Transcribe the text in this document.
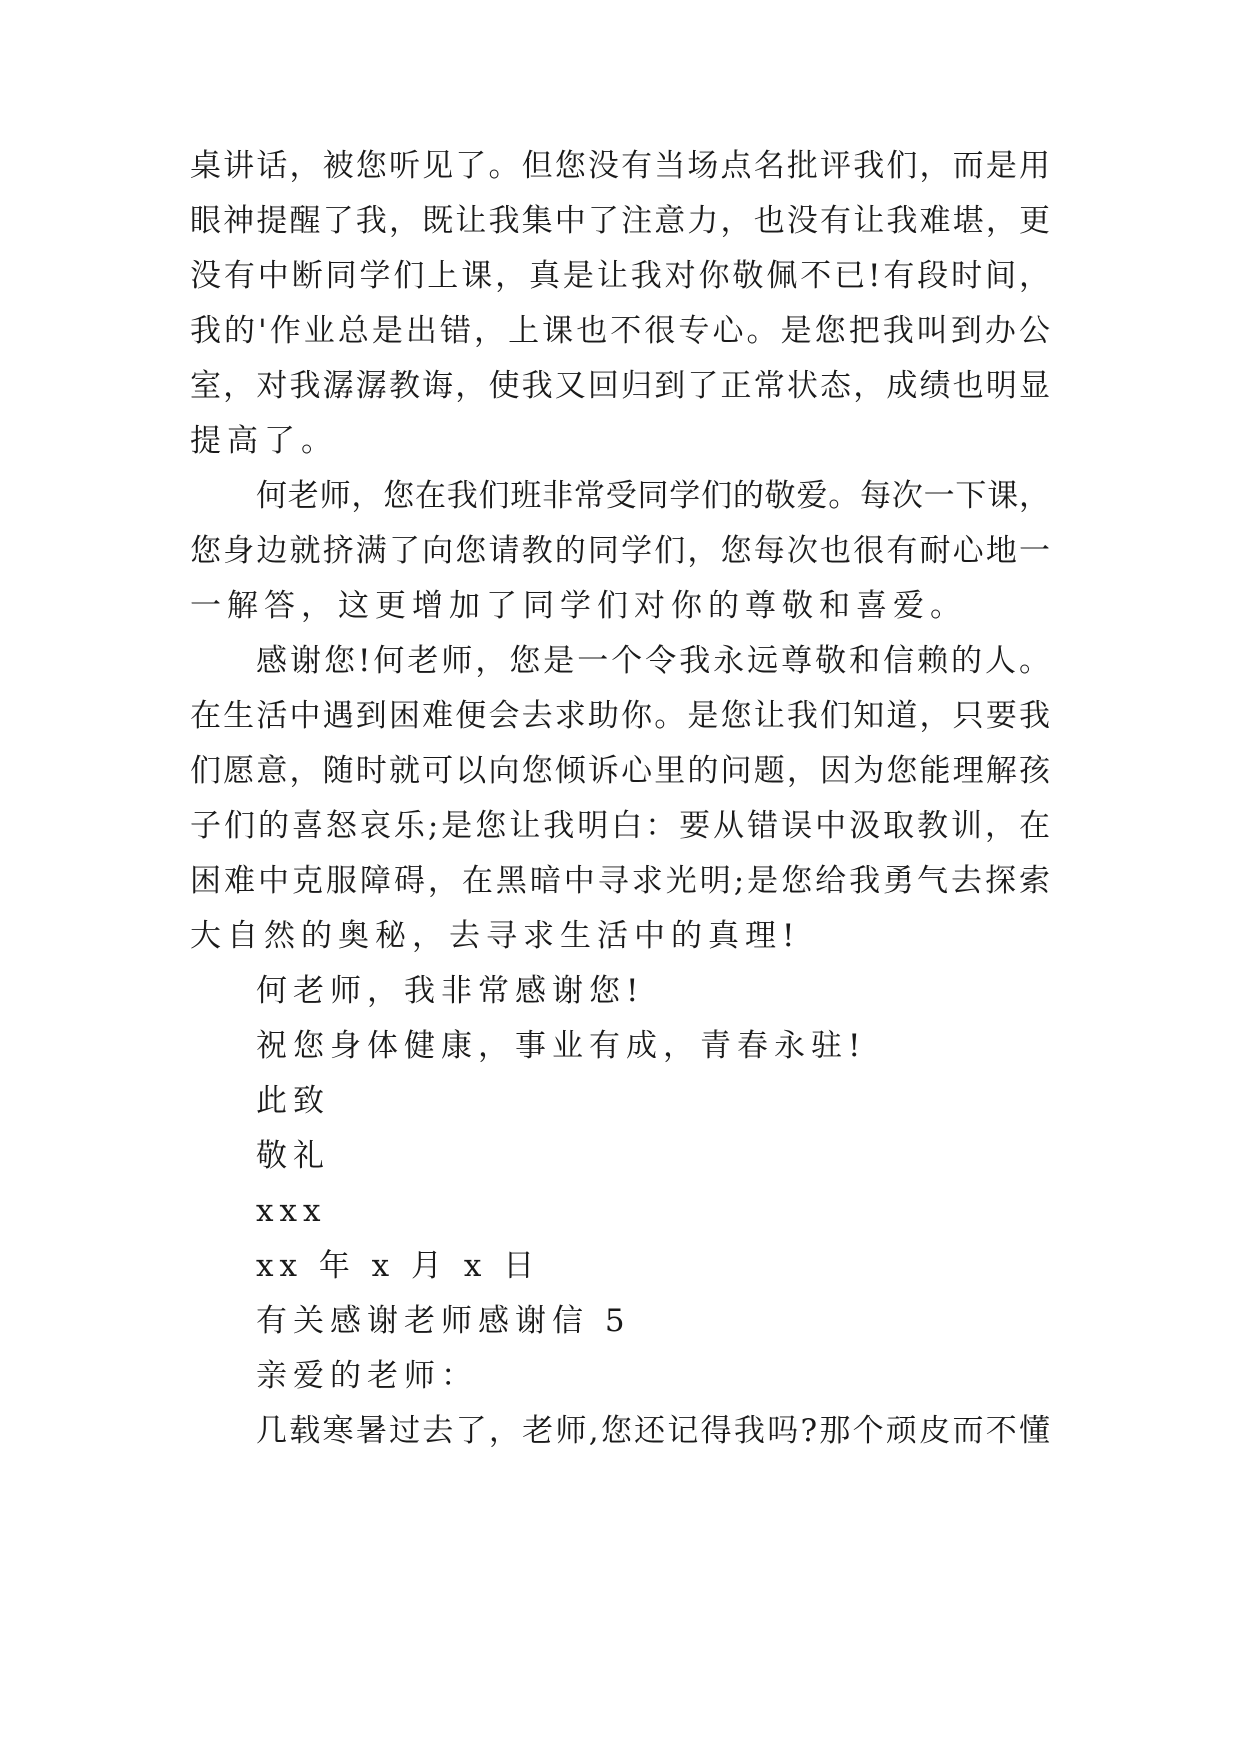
桌讲话，被您听见了。但您没有当场点名批评我们，而是用
眼神提醒了我，既让我集中了注意力，也没有让我难堪，更
没有中断同学们上课，真是让我对你敬佩不已!有段时间，
我的'作业总是出错，上课也不很专心。是您把我叫到办公
室，对我潺潺教诲，使我又回归到了正常状态，成绩也明显
提高了。
何老师，您在我们班非常受同学们的敬爱。每次一下课，
您身边就挤满了向您请教的同学们，您每次也很有耐心地一
一解答，这更增加了同学们对你的尊敬和喜爱。
感谢您!何老师，您是一个令我永远尊敬和信赖的人。
在生活中遇到困难便会去求助你。是您让我们知道，只要我
们愿意，随时就可以向您倾诉心里的问题，因为您能理解孩
子们的喜怒哀乐;是您让我明白：要从错误中汲取教训，在
困难中克服障碍，在黑暗中寻求光明;是您给我勇气去探索
大自然的奥秘，去寻求生活中的真理!
何老师，我非常感谢您!
祝您身体健康，事业有成，青春永驻!
此致
敬礼
xxx
xx 年 x 月 x 日
有关感谢老师感谢信 5
亲爱的老师：
几载寒暑过去了，老师,您还记得我吗?那个顽皮而不懂
